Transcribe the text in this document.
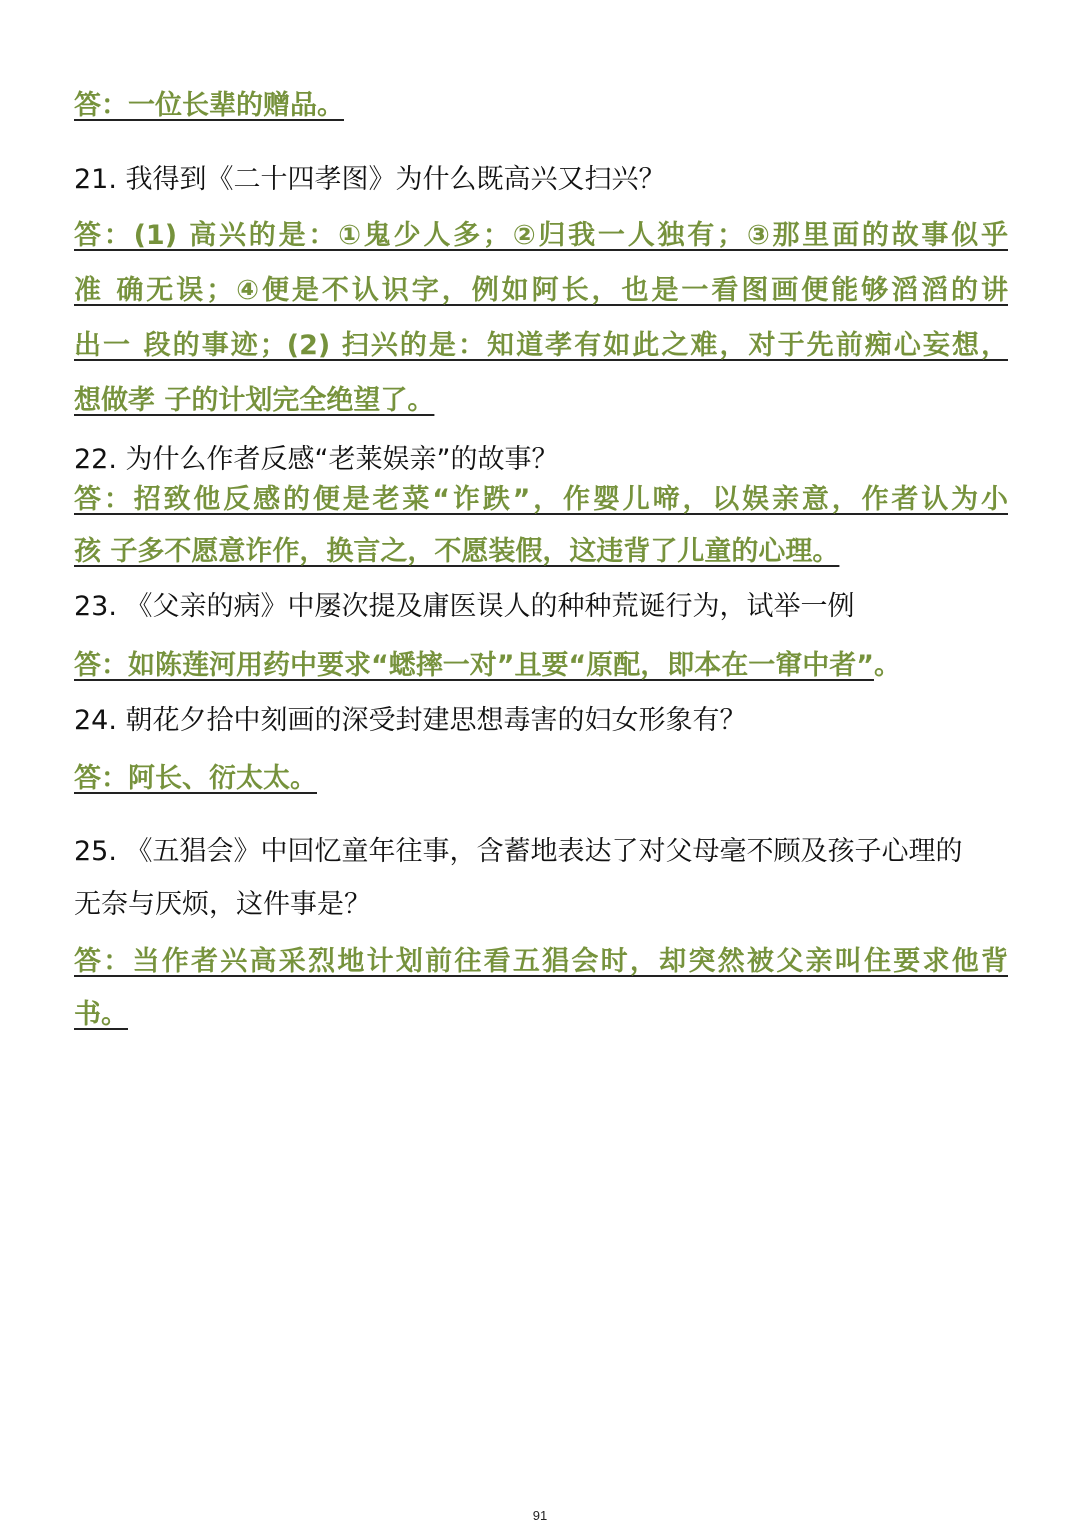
答：一位长辈的赠品。
21. 我得到《二十四孝图》为什么既高兴又扫兴？
答：(1) 高兴的是：①鬼少人多；②归我一人独有；③那里面的故事似乎
准 确无误；④便是不认识字，例如阿长，也是一看图画便能够滔滔的讲
出一 段的事迹；(2) 扫兴的是：知道孝有如此之难，对于先前痴心妄想，
想做孝 子的计划完全绝望了。
22. 为什么作者反感“老莱娱亲”的故事？
答：招致他反感的便是老菜“诈跌”，作婴儿啼，以娱亲意，作者认为小
孩 子多不愿意诈作，换言之，不愿装假，这违背了儿童的心理。
23. 《父亲的病》中屡次提及庸医误人的种种荒诞行为，试举一例
答：如陈莲河用药中要求“蟋摔一对”且要“原配，即本在一窜中者”。
24. 朝花夕拾中刻画的深受封建思想毒害的妇女形象有？
答：阿长、衍太太。
25. 《五猖会》中回忆童年往事，含蓄地表达了对父母毫不顾及孩子心理的
无奈与厌烦，这件事是？
答：当作者兴高采烈地计划前往看五猖会时，却突然被父亲叫住要求他背
书。
91
